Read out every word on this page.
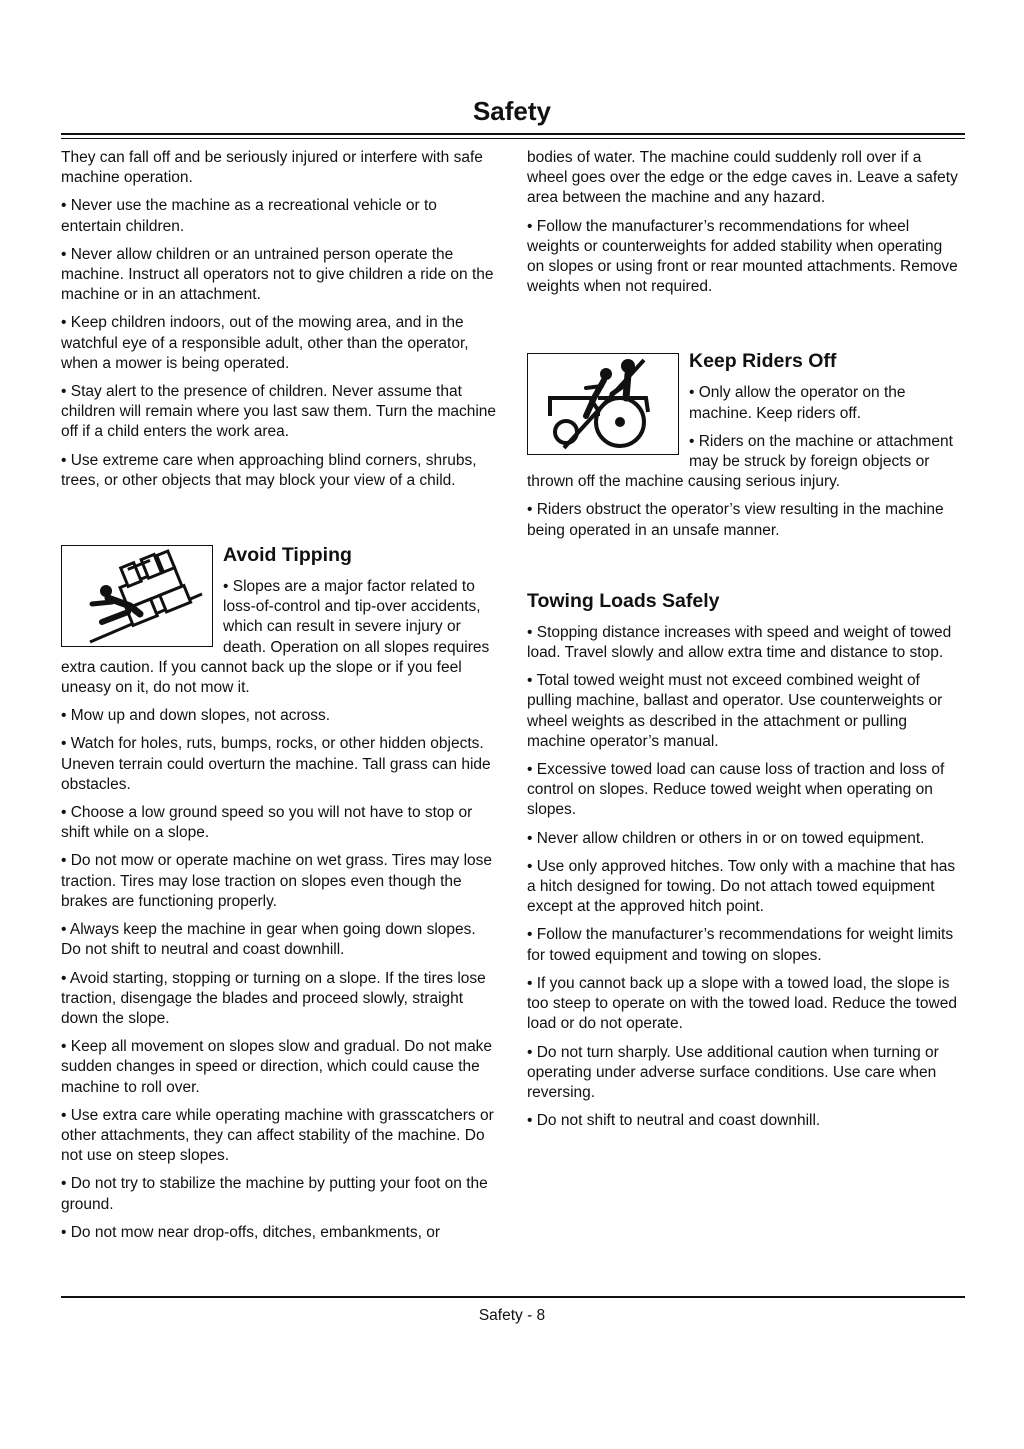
Safety

They can fall off and be seriously injured or interfere with safe machine operation.

• Never use the machine as a recreational vehicle or to entertain children.

• Never allow children or an untrained person operate the machine. Instruct all operators not to give children a ride on the machine or in an attachment.

• Keep children indoors, out of the mowing area, and in the watchful eye of a responsible adult, other than the operator, when a mower is being operated.

• Stay alert to the presence of children. Never assume that children will remain where you last saw them. Turn the machine off if a child enters the work area.

• Use extreme care when approaching blind corners, shrubs, trees, or other objects that may block your view of a child.

Avoid Tipping

• Slopes are a major factor related to loss-of-control and tip-over accidents, which can result in severe injury or death. Operation on all slopes requires extra caution. If you cannot back up the slope or if you feel uneasy on it, do not mow it.

• Mow up and down slopes, not across.

• Watch for holes, ruts, bumps, rocks, or other hidden objects. Uneven terrain could overturn the machine. Tall grass can hide obstacles.

• Choose a low ground speed so you will not have to stop or shift while on a slope.

• Do not mow or operate machine on wet grass. Tires may lose traction. Tires may lose traction on slopes even though the brakes are functioning properly.

• Always keep the machine in gear when going down slopes. Do not shift to neutral and coast downhill.

• Avoid starting, stopping or turning on a slope. If the tires lose traction, disengage the blades and proceed slowly, straight down the slope.

• Keep all movement on slopes slow and gradual. Do not make sudden changes in speed or direction, which could cause the machine to roll over.

• Use extra care while operating machine with grasscatchers or other attachments, they can affect stability of the machine. Do not use on steep slopes.

• Do not try to stabilize the machine by putting your foot on the ground.

• Do not mow near drop-offs, ditches, embankments, or

bodies of water. The machine could suddenly roll over if a wheel goes over the edge or the edge caves in. Leave a safety area between the machine and any hazard.

• Follow the manufacturer’s recommendations for wheel weights or counterweights for added stability when operating on slopes or using front or rear mounted attachments. Remove weights when not required.

Keep Riders Off

• Only allow the operator on the machine. Keep riders off.

• Riders on the machine or attachment may be struck by foreign objects or thrown off the machine causing serious injury.

• Riders obstruct the operator’s view resulting in the machine being operated in an unsafe manner.

Towing Loads Safely

• Stopping distance increases with speed and weight of towed load. Travel slowly and allow extra time and distance to stop.

• Total towed weight must not exceed combined weight of pulling machine, ballast and operator. Use counterweights or wheel weights as described in the attachment or pulling machine operator’s manual.

• Excessive towed load can cause loss of traction and loss of control on slopes. Reduce towed weight when operating on slopes.

• Never allow children or others in or on towed equipment.

• Use only approved hitches. Tow only with a machine that has a hitch designed for towing. Do not attach towed equipment except at the approved hitch point.

• Follow the manufacturer’s recommendations for weight limits for towed equipment and towing on slopes.

• If you cannot back up a slope with a towed load, the slope is too steep to operate on with the towed load. Reduce the towed load or do not operate.

• Do not turn sharply. Use additional caution when turning or operating under adverse surface conditions. Use care when reversing.

• Do not shift to neutral and coast downhill.

Safety - 8
